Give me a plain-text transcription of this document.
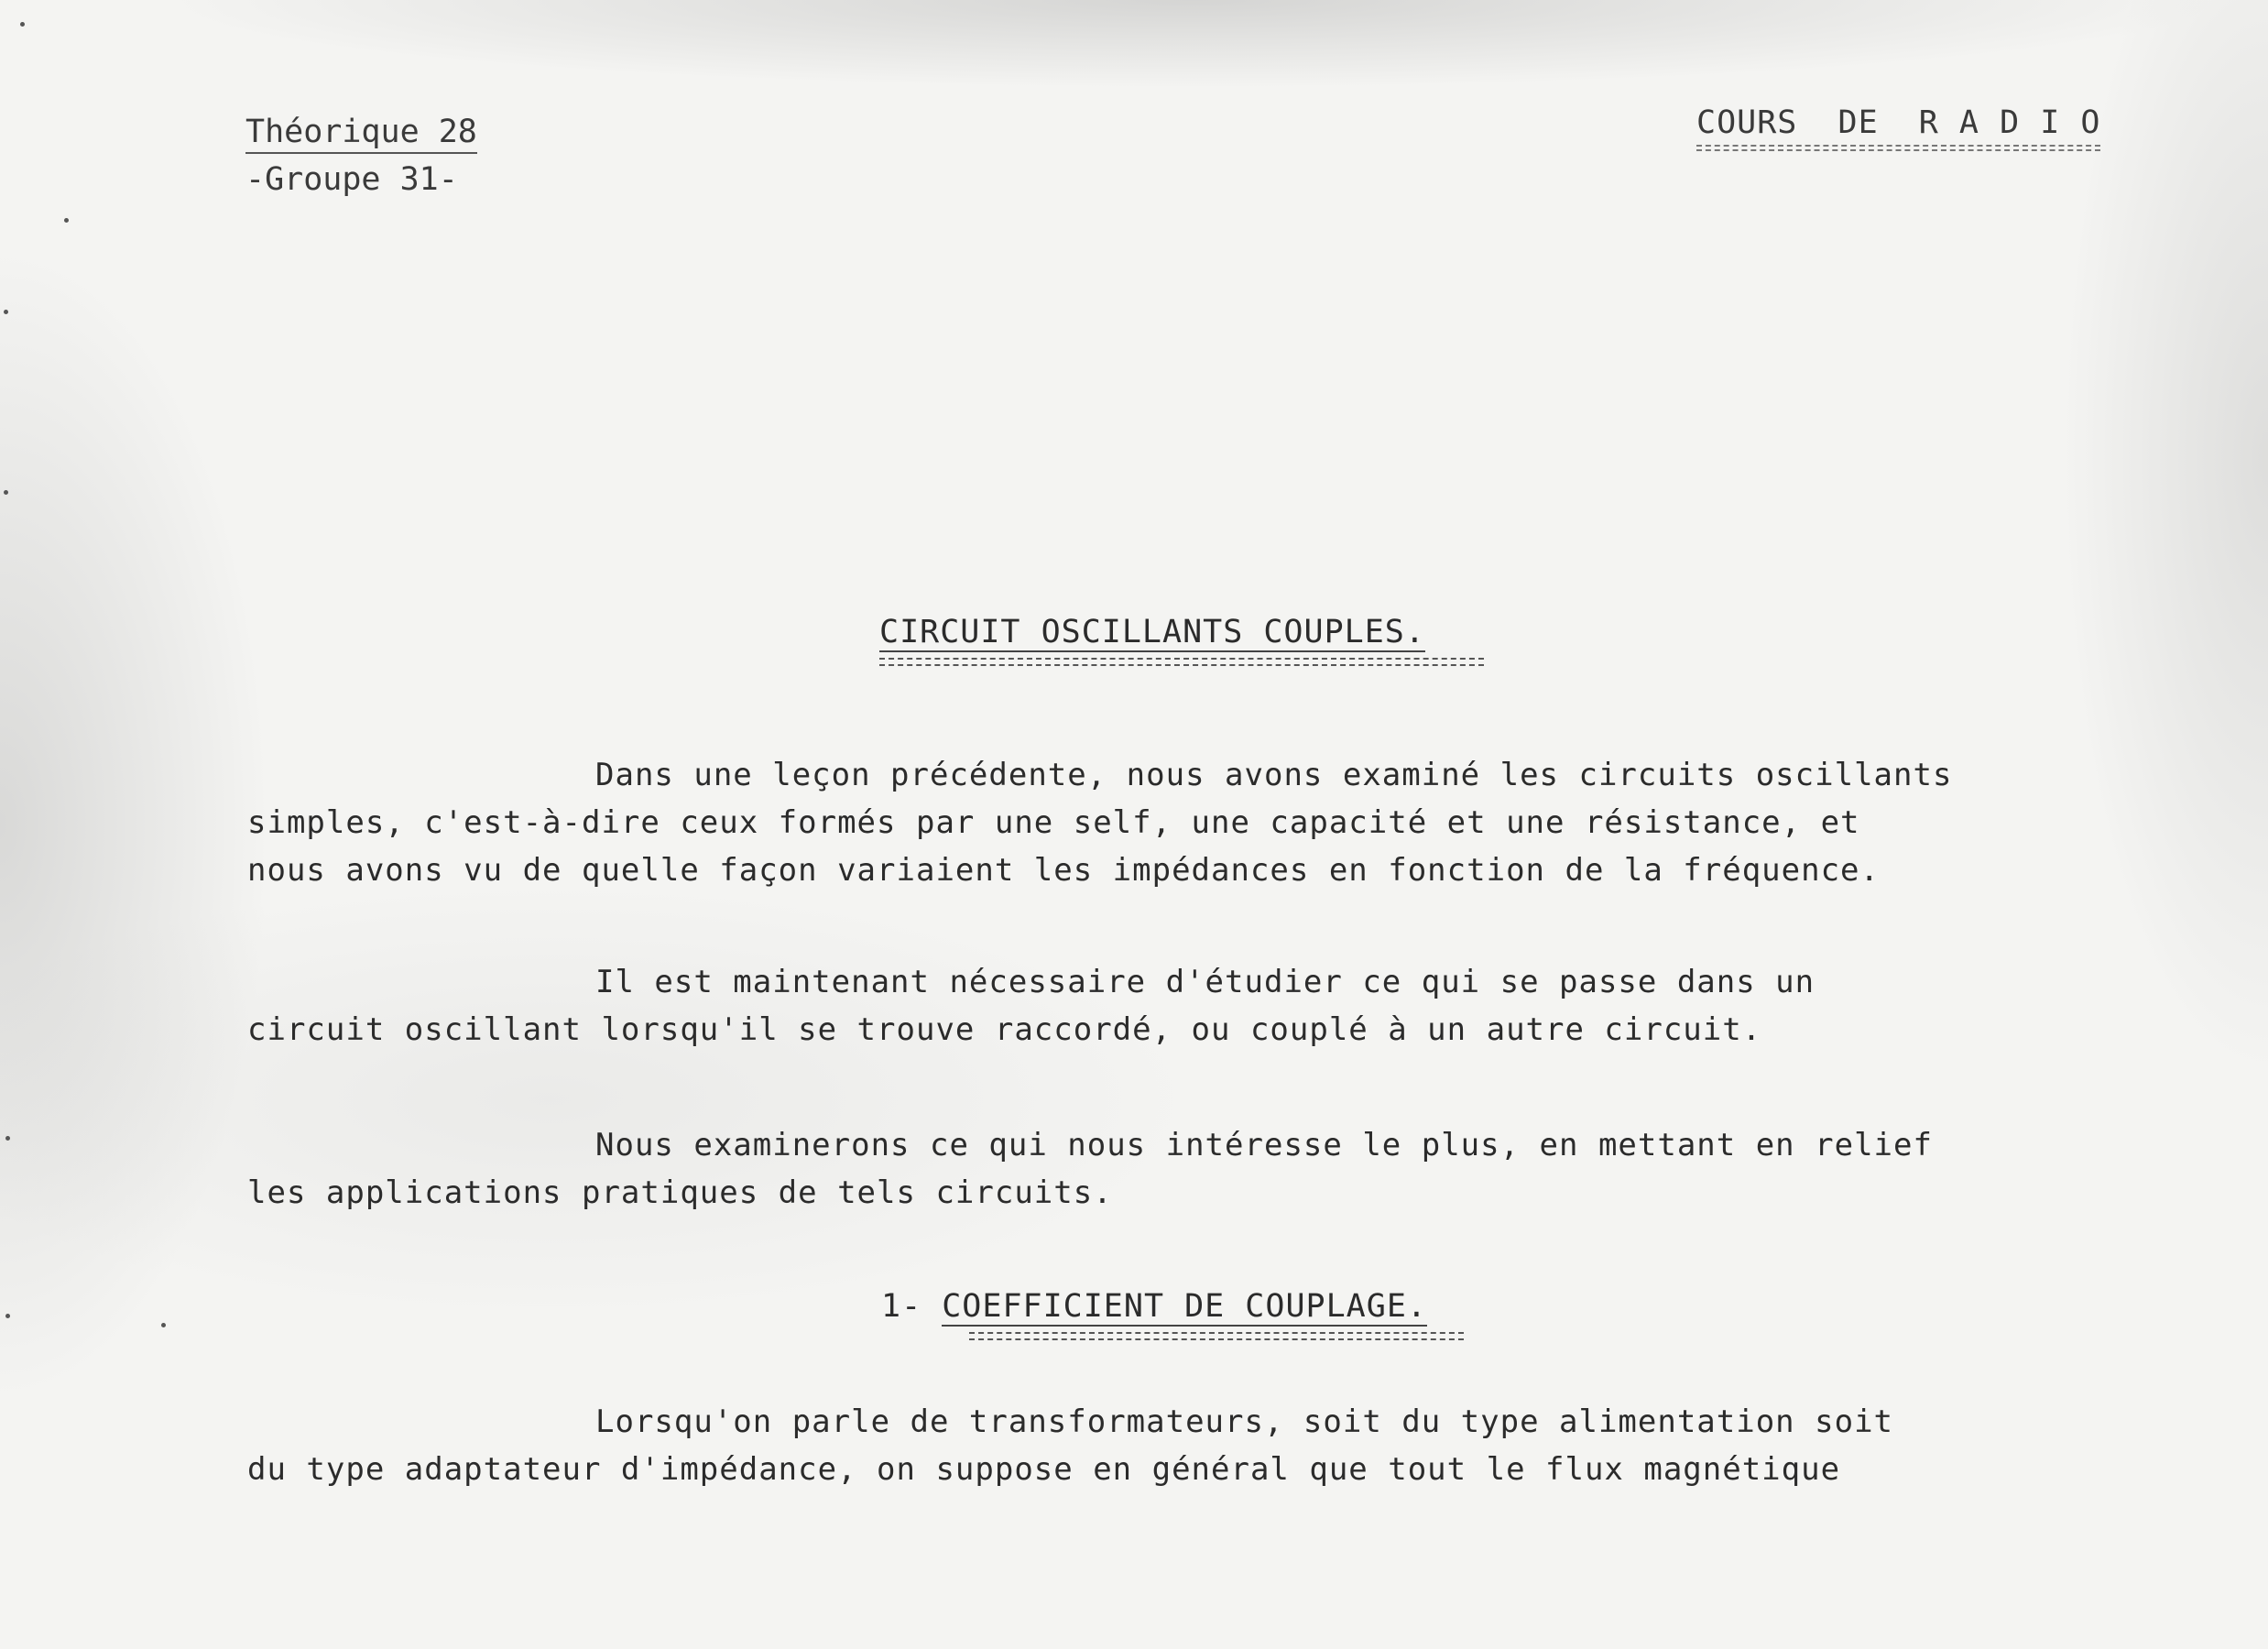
Théorique 28
-Groupe 31-
COURS  DE  R A D I O
CIRCUIT OSCILLANTS COUPLES.
Dans une leçon précédente, nous avons examiné les circuits oscillants
simples, c'est-à-dire ceux formés par une self, une capacité et une résistance, et
nous avons vu de quelle façon variaient les impédances en fonction de la fréquence.
Il est maintenant nécessaire d'étudier ce qui se passe dans un
circuit oscillant lorsqu'il se trouve raccordé, ou couplé à un autre circuit.
Nous examinerons ce qui nous intéresse le plus, en mettant en relief
les applications pratiques de tels circuits.
1- COEFFICIENT DE COUPLAGE.
Lorsqu'on parle de transformateurs, soit du type alimentation soit
du type adaptateur d'impédance, on suppose en général que tout le flux magnétique
